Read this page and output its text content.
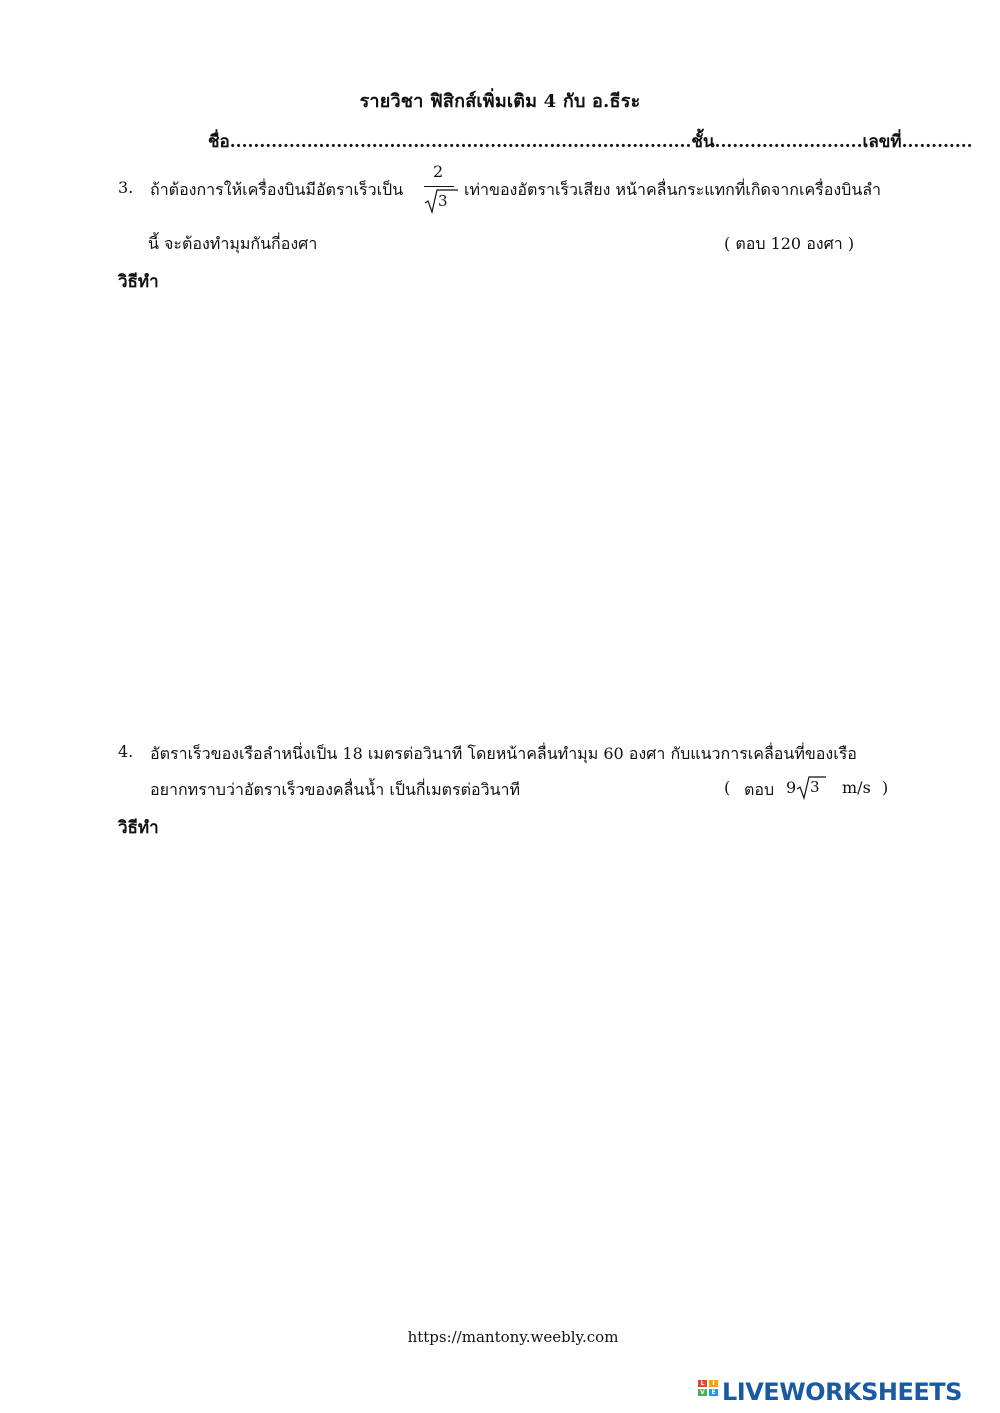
รายวิชา ฟิสิกส์เพิ่มเติม 4 กับ อ.ธีระ
ชื่อ..............................................................................ชั้น.........................เลขที่............
3. ถ้าต้องการให้เครื่องบินมีอัตราเร็วเป็น
2
3
เท่าของอัตราเร็วเสียง หน้าคลื่นกระแทกที่เกิดจากเครื่องบินลำ
นี้ จะต้องทำมุมกันกี่องศา	( ตอบ 120 องศา )
วิธีทำ
4. อัตราเร็วของเรือลำหนึ่งเป็น 18 เมตรต่อวินาที โดยหน้าคลื่นทำมุม 60 องศา กับแนวการเคลื่อนที่ของเรือ
อยากทราบว่าอัตราเร็วของคลื่นน้ำ เป็นกี่เมตรต่อวินาที	( ตอบ 9 3 m/s )
วิธีทำ
https://mantony.weebly.com
L	I
V	E LIVEWORKSHEETS
